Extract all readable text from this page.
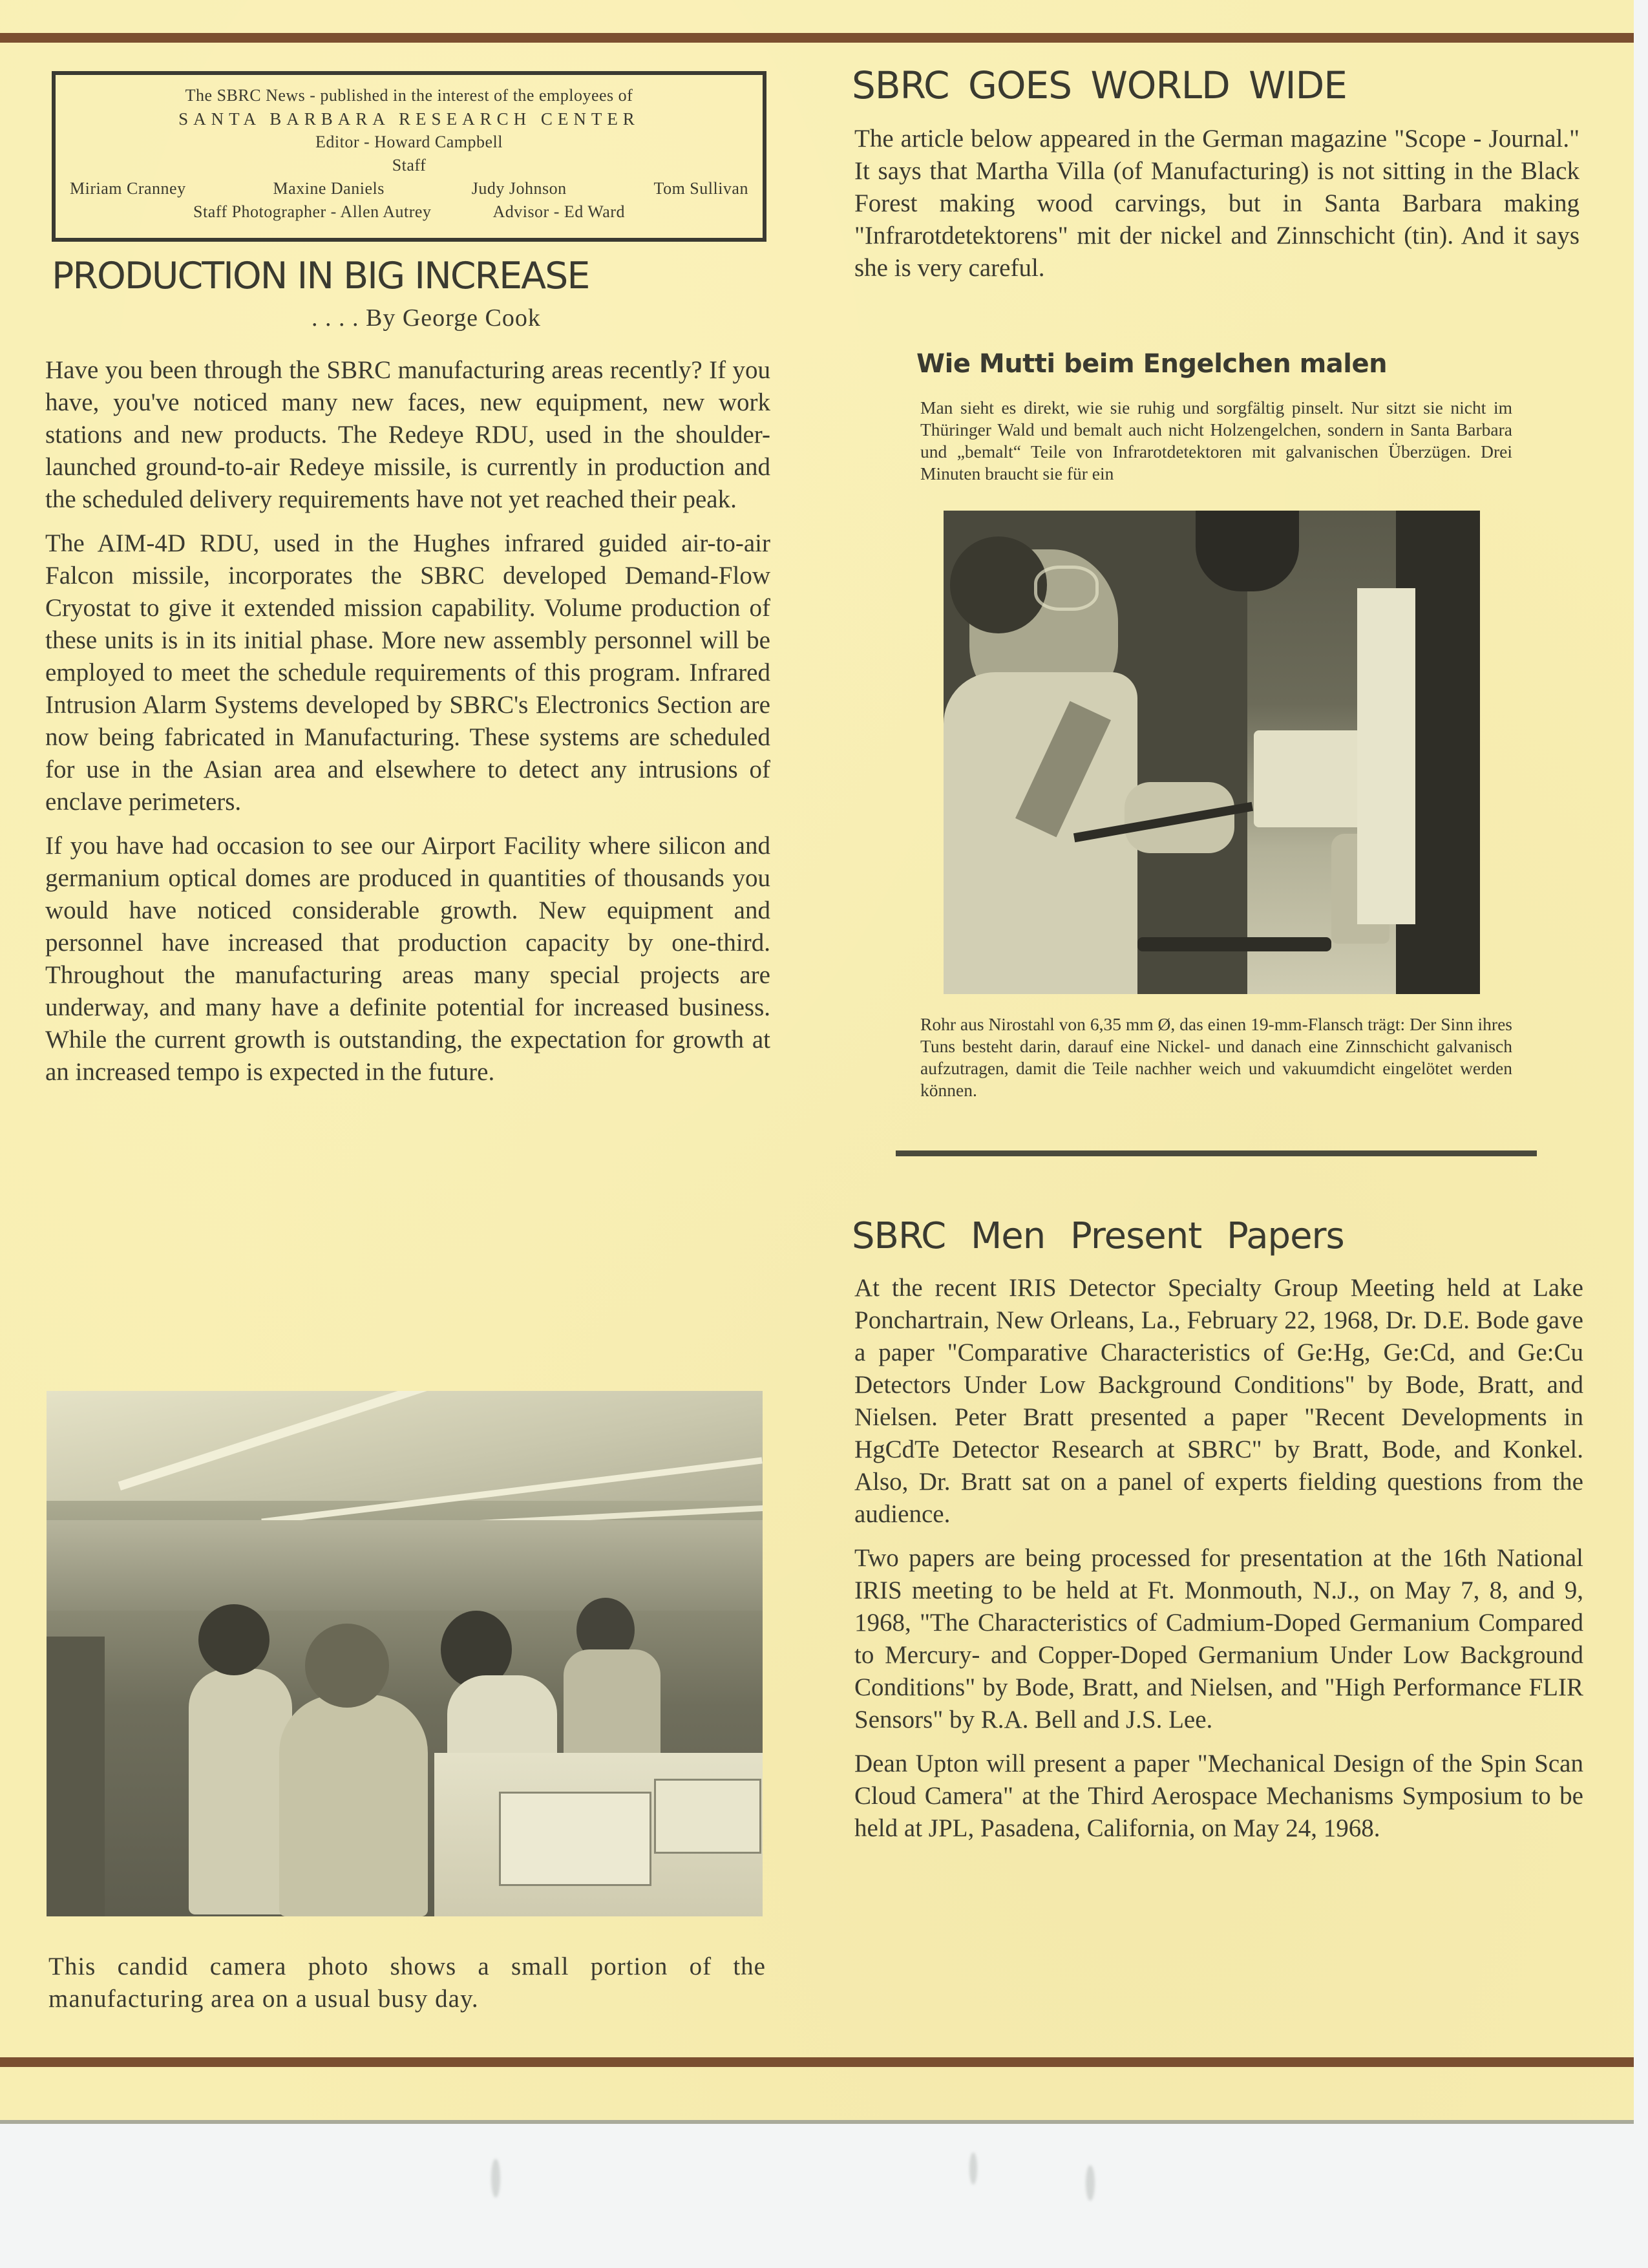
The SBRC News - published in the interest of the employees of
SANTA BARBARA RESEARCH CENTER
Editor - Howard Campbell
Staff
Miriam Cranney	Maxine Daniels	Judy Johnson	Tom Sullivan
Staff Photographer - Allen Autrey	Advisor - Ed Ward
PRODUCTION IN BIG INCREASE
. . . . By George Cook

Have you been through the SBRC manufacturing areas recently? If you have, you've noticed many new faces, new equipment, new work stations and new products. The Redeye RDU, used in the shoulder-launched ground-to-air Redeye missile, is currently in production and the scheduled delivery requirements have not yet reached their peak.

The AIM-4D RDU, used in the Hughes infrared guided air-to-air Falcon missile, incorporates the SBRC developed Demand-Flow Cryostat to give it extended mission capability. Volume production of these units is in its initial phase. More new assembly personnel will be employed to meet the schedule requirements of this program. Infrared Intrusion Alarm Systems developed by SBRC's Electronics Section are now being fabricated in Manufacturing. These systems are scheduled for use in the Asian area and elsewhere to detect any intrusions of enclave perimeters.

If you have had occasion to see our Airport Facility where silicon and germanium optical domes are produced in quantities of thousands you would have noticed considerable growth. New equipment and personnel have increased that production capacity by one-third. Throughout the manufacturing areas many special projects are underway, and many have a definite potential for increased business. While the current growth is outstanding, the expectation for growth at an increased tempo is expected in the future.

This candid camera photo shows a small portion of the manufacturing area on a usual busy day.
SBRC GOES WORLD WIDE
The article below appeared in the German magazine "Scope - Journal." It says that Martha Villa (of Manufacturing) is not sitting in the Black Forest making wood carvings, but in Santa Barbara making "Infrarotdetektorens" mit der nickel and Zinnschicht (tin). And it says she is very careful.
Wie Mutti beim Engelchen malen
Man sieht es direkt, wie sie ruhig und sorgfältig pinselt. Nur sitzt sie nicht im Thüringer Wald und bemalt auch nicht Holzengelchen, sondern in Santa Barbara und „bemalt“ Teile von Infrarotdetektoren mit galvanischen Überzügen. Drei Minuten braucht sie für ein
Rohr aus Nirostahl von 6,35 mm Ø, das einen 19-mm-Flansch trägt: Der Sinn ihres Tuns besteht darin, darauf eine Nickel- und danach eine Zinnschicht galvanisch aufzutragen, damit die Teile nachher weich und vakuumdicht eingelötet werden können.
SBRC Men Present Papers

At the recent IRIS Detector Specialty Group Meeting held at Lake Ponchartrain, New Orleans, La., February 22, 1968, Dr. D.E. Bode gave a paper "Comparative Characteristics of Ge:Hg, Ge:Cd, and Ge:Cu Detectors Under Low Background Conditions" by Bode, Bratt, and Nielsen. Peter Bratt presented a paper "Recent Developments in HgCdTe Detector Research at SBRC" by Bratt, Bode, and Konkel. Also, Dr. Bratt sat on a panel of experts fielding questions from the audience.

Two papers are being processed for presentation at the 16th National IRIS meeting to be held at Ft. Monmouth, N.J., on May 7, 8, and 9, 1968, "The Characteristics of Cadmium-Doped Germanium Compared to Mercury- and Copper-Doped Germanium Under Low Background Conditions" by Bode, Bratt, and Nielsen, and "High Performance FLIR Sensors" by R.A. Bell and J.S. Lee.

Dean Upton will present a paper "Mechanical Design of the Spin Scan Cloud Camera" at the Third Aerospace Mechanisms Symposium to be held at JPL, Pasadena, California, on May 24, 1968.
